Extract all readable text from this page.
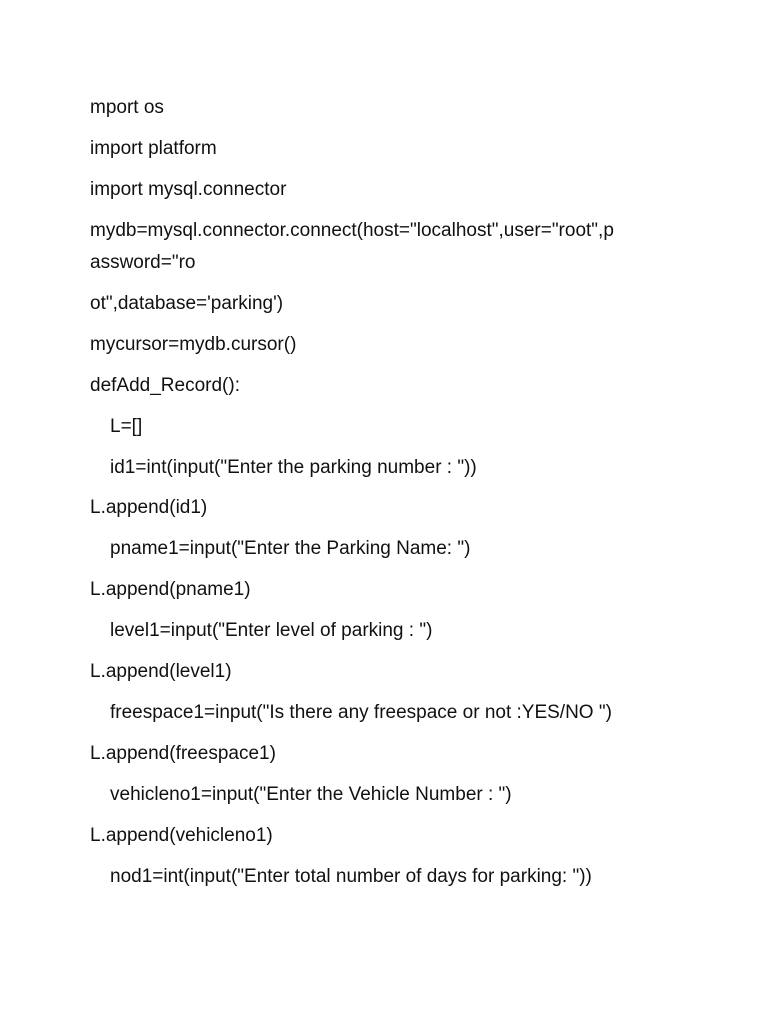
mport os
import platform
import mysql.connector
mydb=mysql.connector.connect(host="localhost",user="root",p
assword="ro
ot",database='parking')
mycursor=mydb.cursor()
defAdd_Record():
L=[]
id1=int(input("Enter the parking number : "))
L.append(id1)
pname1=input("Enter the Parking Name: ")
L.append(pname1)
level1=input("Enter level of parking : ")
L.append(level1)
freespace1=input("Is there any freespace or not :YES/NO ")
L.append(freespace1)
vehicleno1=input("Enter the Vehicle Number : ")
L.append(vehicleno1)
nod1=int(input("Enter total number of days for parking: "))
